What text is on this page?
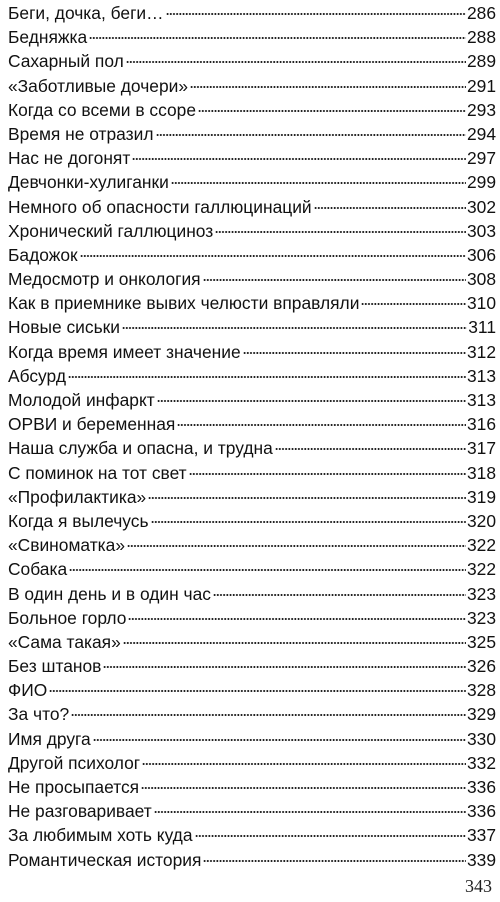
Беги, дочка, беги…	286
Бедняжка	288
Сахарный пол	289
«Заботливые дочери»	291
Когда со всеми в ссоре	293
Время не отразил	294
Нас не догонят	297
Девчонки-хулиганки	299
Немного об опасности галлюцинаций	302
Хронический галлюциноз	303
Бадожок	306
Медосмотр и онкология	308
Как в приемнике вывих челюсти вправляли	310
Новые сиськи	311
Когда время имеет значение	312
Абсурд	313
Молодой инфаркт	313
ОРВИ и беременная	316
Наша служба и опасна, и трудна	317
С поминок на тот свет	318
«Профилактика»	319
Когда я вылечусь	320
«Свиноматка»	322
Собака	322
В один день и в один час	323
Больное горло	323
«Сама такая»	325
Без штанов	326
ФИО	328
За что?	329
Имя друга	330
Другой психолог	332
Не просыпается	336
Не разговаривает	336
За любимым хоть куда	337
Романтическая история	339
343
